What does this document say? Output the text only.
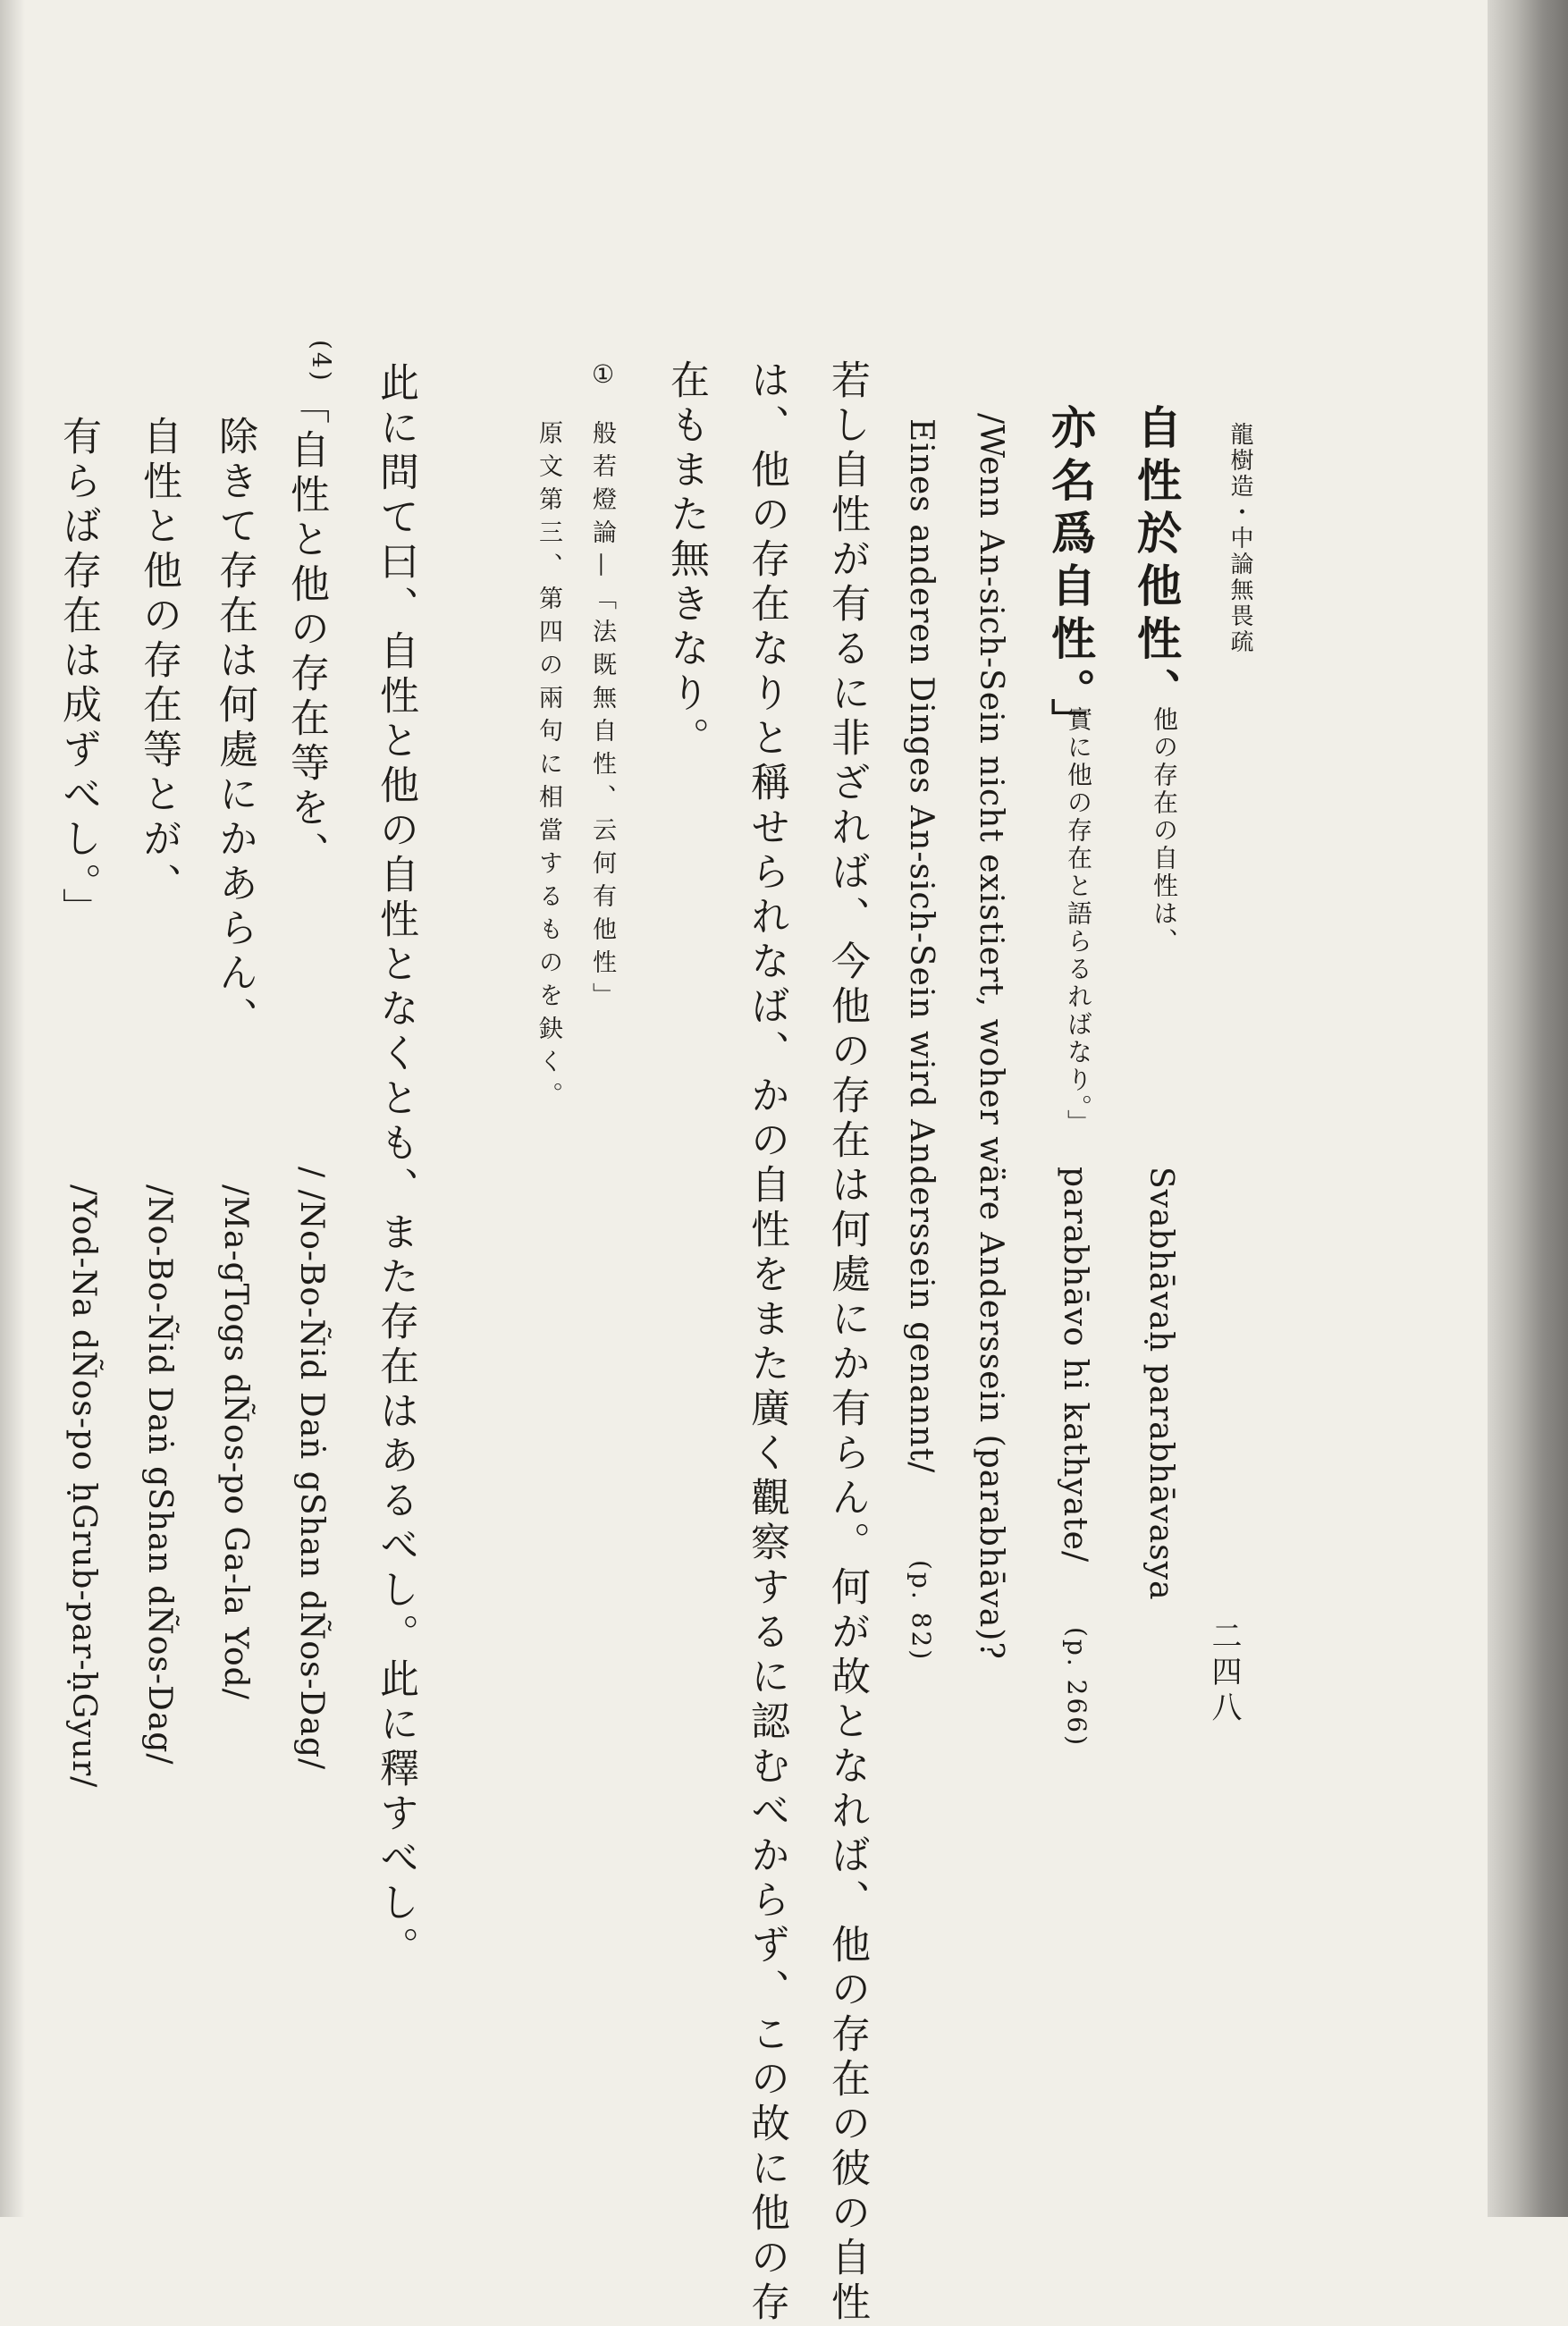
龍樹造・中論無畏疏
二四八
自性於他性、
他の存在の自性は、
Svabhāvaḥ parabhāvasya
亦名爲自性。」
實に他の存在と語らるればなり。」
parabhāvo hi kathyate/
(p. 266)
/Wenn An-sich-Sein nicht existiert, woher wäre Anderssein (parabhāva)?
Eines anderen Dinges An-sich-Sein wird Anderssein genannt/
(p. 82)
若し自性が有るに非ざれば、今他の存在は何處にか有らん。何が故となれば、他の存在の彼の自性
は、他の存在なりと稱せられなば、かの自性をまた廣く觀察するに認むべからず、この故に他の存
在もまた無きなり。
①
般若燈論—「法既無自性、云何有他性」
原文第三、第四の兩句に相當するものを鈌く。
(4)
「自性と他の存在等を、
/ /No-Bo-Ñid Daṅ gShan dÑos-Dag/
除きて存在は何處にかあらん、
/Ma-gTogs dÑos-po Ga-la Yod/
自性と他の存在等とが、
/No-Bo-Ñid Daṅ gShan dÑos-Dag/
有らば存在は成ずべし。」
/Yod-Na dÑos-po ḥGrub-par-ḥGyur/	此に問て曰、自性と他の自性となくとも、また存在はあるべし。此に釋すべし。
